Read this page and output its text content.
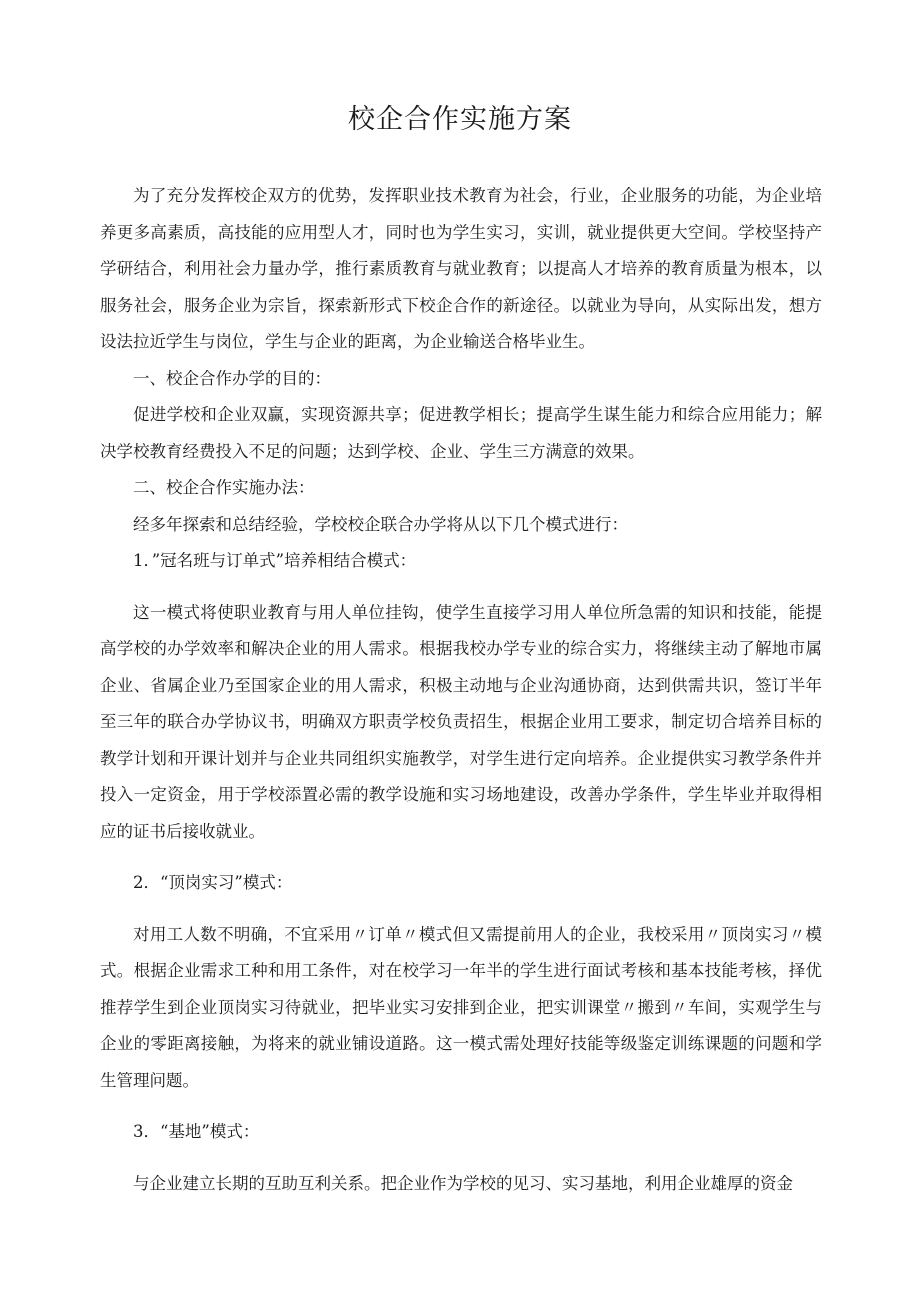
校企合作实施方案

为了充分发挥校企双方的优势，发挥职业技术教育为社会，行业，企业服务的功能，为企业培养更多高素质，高技能的应用型人才，同时也为学生实习，实训，就业提供更大空间。学校坚持产学研结合，利用社会力量办学，推行素质教育与就业教育；以提高人才培养的教育质量为根本，以服务社会，服务企业为宗旨，探索新形式下校企合作的新途径。以就业为导向，从实际出发，想方设法拉近学生与岗位，学生与企业的距离，为企业输送合格毕业生。

一、校企合作办学的目的：

促进学校和企业双赢，实现资源共享；促进教学相长；提高学生谋生能力和综合应用能力；解决学校教育经费投入不足的问题；达到学校、企业、学生三方满意的效果。

二、校企合作实施办法：

经多年探索和总结经验，学校校企联合办学将从以下几个模式进行：

1．”冠名班与订单式”培养相结合模式：

这一模式将使职业教育与用人单位挂钩，使学生直接学习用人单位所急需的知识和技能，能提高学校的办学效率和解决企业的用人需求。根据我校办学专业的综合实力，将继续主动了解地市属企业、省属企业乃至国家企业的用人需求，积极主动地与企业沟通协商，达到供需共识，签订半年至三年的联合办学协议书，明确双方职责学校负责招生，根据企业用工要求，制定切合培养目标的教学计划和开课计划并与企业共同组织实施教学，对学生进行定向培养。企业提供实习教学条件并投入一定资金，用于学校添置必需的教学设施和实习场地建设，改善办学条件，学生毕业并取得相应的证书后接收就业。

2．“顶岗实习”模式：

对用工人数不明确，不宜采用〃订单〃模式但又需提前用人的企业，我校采用〃顶岗实习〃模式。根据企业需求工种和用工条件，对在校学习一年半的学生进行面试考核和基本技能考核，择优推荐学生到企业顶岗实习待就业，把毕业实习安排到企业，把实训课堂〃搬到〃车间，实观学生与企业的零距离接触，为将来的就业铺设道路。这一模式需处理好技能等级鉴定训练课题的问题和学生管理问题。

3．“基地”模式：

与企业建立长期的互助互利关系。把企业作为学校的见习、实习基地，利用企业雄厚的资金
